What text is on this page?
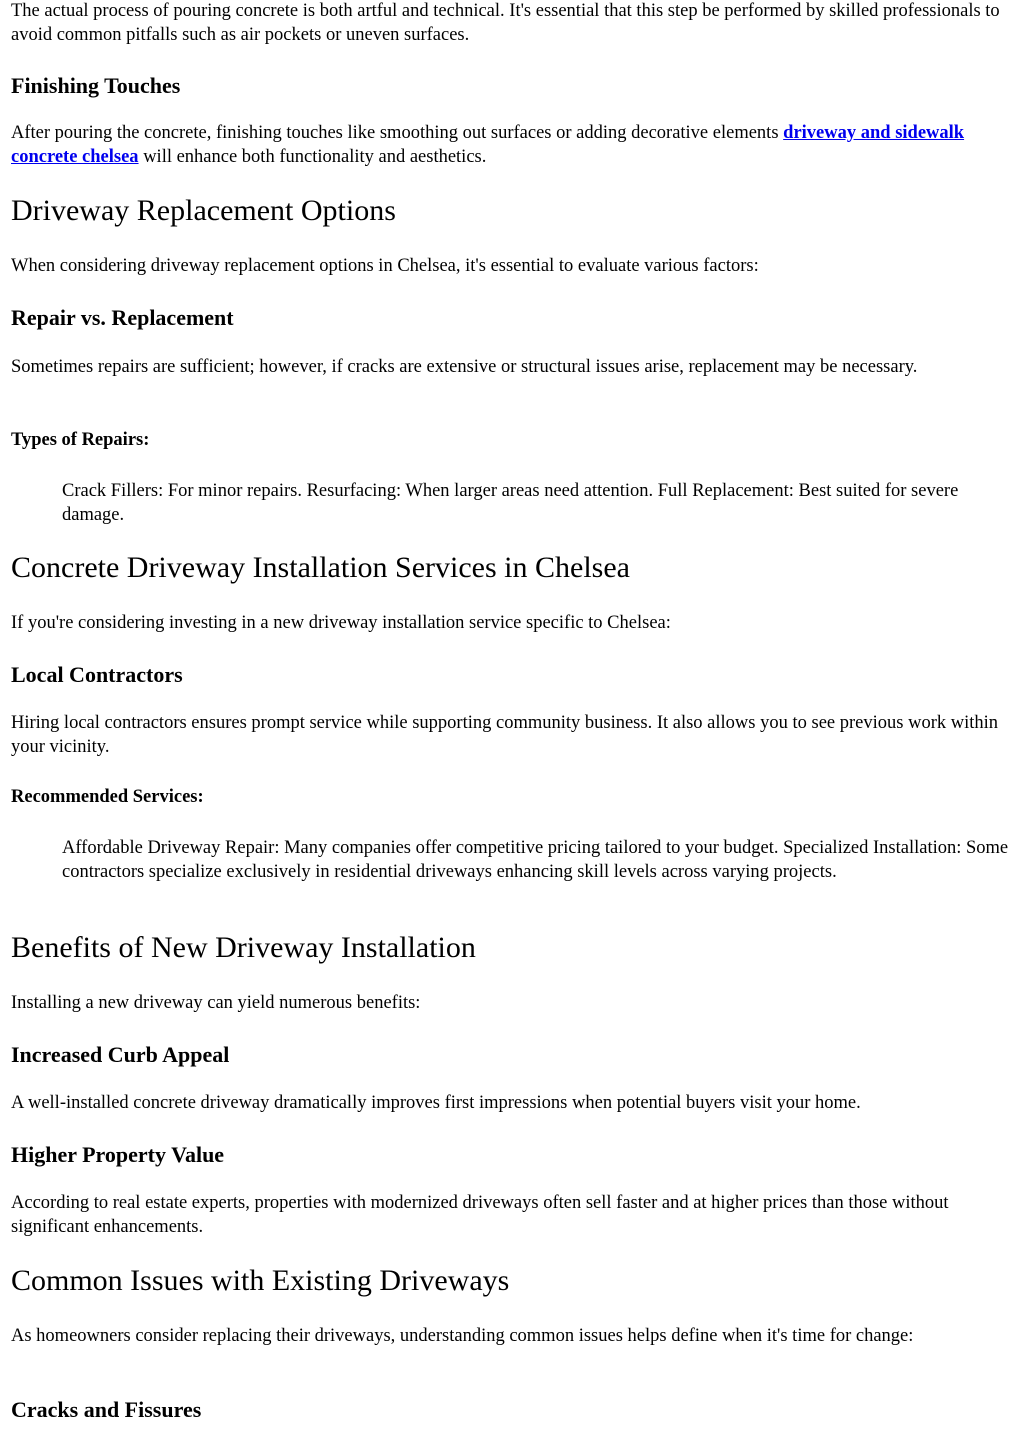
The actual process of pouring concrete is both artful and technical. It's essential that this step be performed by skilled professionals to avoid common pitfalls such as air pockets or uneven surfaces.

Finishing Touches

After pouring the concrete, finishing touches like smoothing out surfaces or adding decorative elements driveway and sidewalk concrete chelsea will enhance both functionality and aesthetics.

Driveway Replacement Options

When considering driveway replacement options in Chelsea, it's essential to evaluate various factors:

Repair vs. Replacement

Sometimes repairs are sufficient; however, if cracks are extensive or structural issues arise, replacement may be necessary.

Types of Repairs:

Crack Fillers: For minor repairs. Resurfacing: When larger areas need attention. Full Replacement: Best suited for severe damage.

Concrete Driveway Installation Services in Chelsea

If you're considering investing in a new driveway installation service specific to Chelsea:

Local Contractors

Hiring local contractors ensures prompt service while supporting community business. It also allows you to see previous work within your vicinity.

Recommended Services:

Affordable Driveway Repair: Many companies offer competitive pricing tailored to your budget. Specialized Installation: Some contractors specialize exclusively in residential driveways enhancing skill levels across varying projects.

Benefits of New Driveway Installation

Installing a new driveway can yield numerous benefits:

Increased Curb Appeal

A well-installed concrete driveway dramatically improves first impressions when potential buyers visit your home.

Higher Property Value

According to real estate experts, properties with modernized driveways often sell faster and at higher prices than those without significant enhancements.

Common Issues with Existing Driveways

As homeowners consider replacing their driveways, understanding common issues helps define when it's time for change:

Cracks and Fissures
